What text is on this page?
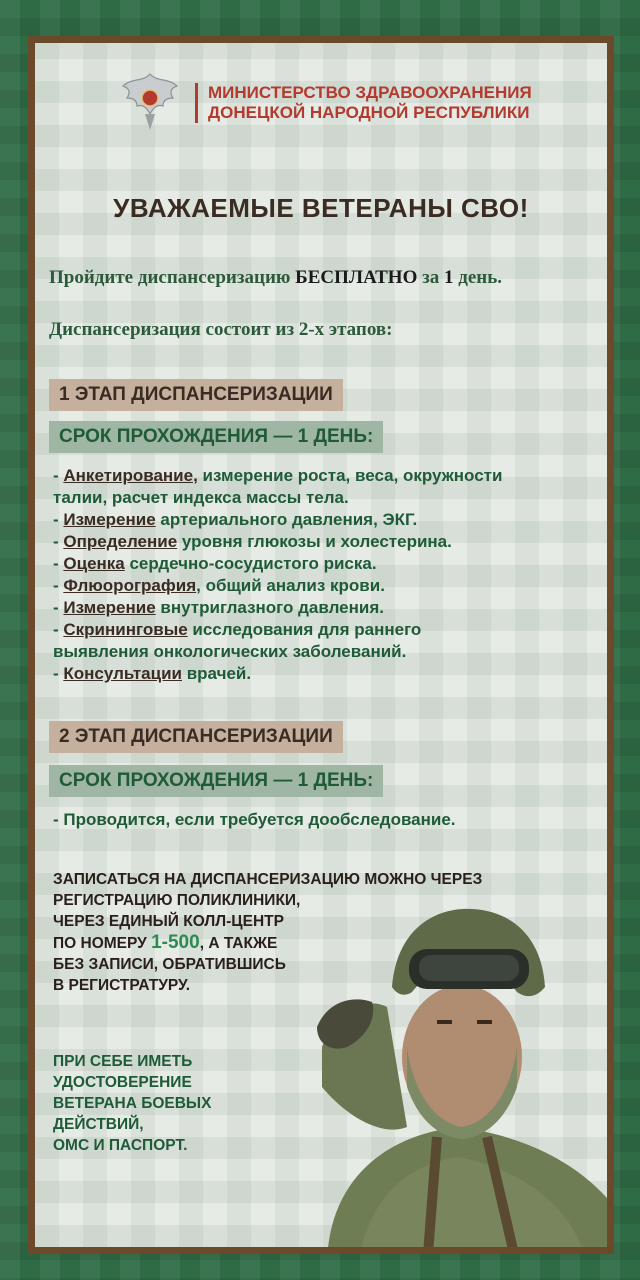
МИНИСТЕРСТВО ЗДРАВООХРАНЕНИЯ
ДОНЕЦКОЙ НАРОДНОЙ РЕСПУБЛИКИ
УВАЖАЕМЫЕ ВЕТЕРАНЫ СВО!
Пройдите диспансеризацию БЕСПЛАТНО за 1 день.
Диспансеризация состоит из 2-х этапов:
1 ЭТАП ДИСПАНСЕРИЗАЦИИ
СРОК ПРОХОЖДЕНИЯ — 1 ДЕНЬ:
- Анкетирование, измерение роста, веса, окружности
талии, расчет индекса массы тела.
- Измерение артериального давления, ЭКГ.
- Определение уровня глюкозы и холестерина.
- Оценка сердечно-сосудистого риска.
- Флюорография, общий анализ крови.
- Измерение внутриглазного давления.
- Скрининговые исследования для раннего
выявления онкологических заболеваний.
- Консультации врачей.
2 ЭТАП ДИСПАНСЕРИЗАЦИИ
СРОК ПРОХОЖДЕНИЯ — 1 ДЕНЬ:
- Проводится, если требуется дообследование.
ЗАПИСАТЬСЯ НА ДИСПАНСЕРИЗАЦИЮ МОЖНО ЧЕРЕЗ
РЕГИСТРАЦИЮ ПОЛИКЛИНИКИ,
ЧЕРЕЗ ЕДИНЫЙ КОЛЛ-ЦЕНТР
ПО НОМЕРУ 1-500, А ТАКЖЕ
БЕЗ ЗАПИСИ, ОБРАТИВШИСЬ
В РЕГИСТРАТУРУ.
ПРИ СЕБЕ ИМЕТЬ
УДОСТОВЕРЕНИЕ
ВЕТЕРАНА БОЕВЫХ
ДЕЙСТВИЙ,
ОМС И ПАСПОРТ.
